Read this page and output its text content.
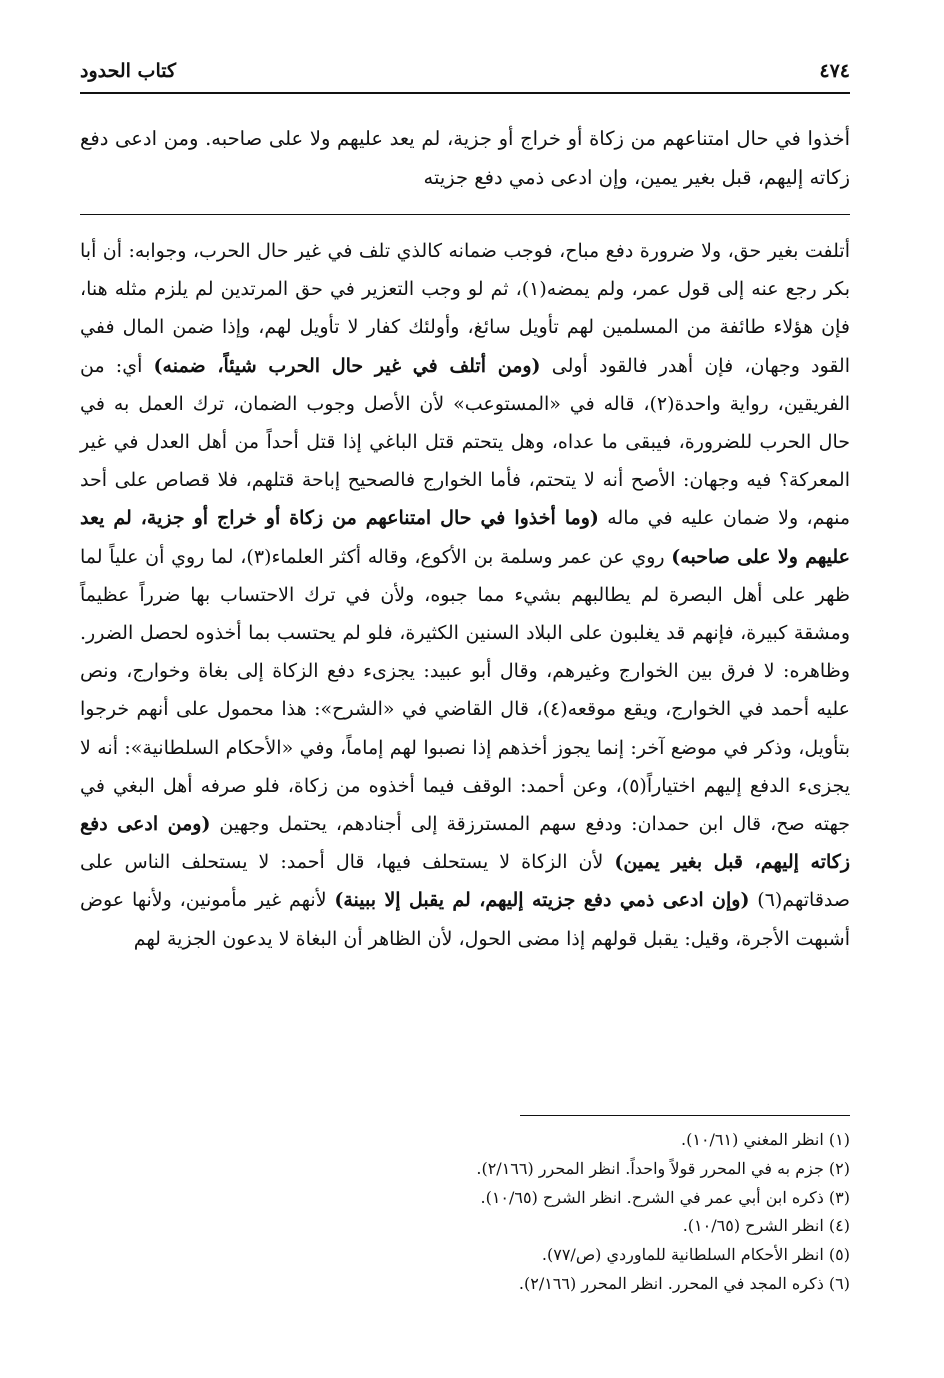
٤٧٤
كتاب الحدود
أخذوا في حال امتناعهم من زكاة أو خراج أو جزية، لم يعد عليهم ولا على صاحبه. ومن ادعى دفع زكاته إليهم، قبل بغير يمين، وإن ادعى ذمي دفع جزيته

أتلفت بغير حق، ولا ضرورة دفع مباح، فوجب ضمانه كالذي تلف في غير حال الحرب، وجوابه: أن أبا بكر رجع عنه إلى قول عمر، ولم يمضه(١)، ثم لو وجب التعزير في حق المرتدين لم يلزم مثله هنا، فإن هؤلاء طائفة من المسلمين لهم تأويل سائغ، وأولئك كفار لا تأويل لهم، وإذا ضمن المال ففي القود وجهان، فإن أهدر فالقود أولى (ومن أتلف في غير حال الحرب شيئاً، ضمنه) أي: من الفريقين، رواية واحدة(٢)، قاله في «المستوعب» لأن الأصل وجوب الضمان، ترك العمل به في حال الحرب للضرورة، فيبقى ما عداه، وهل يتحتم قتل الباغي إذا قتل أحداً من أهل العدل في غير المعركة؟ فيه وجهان: الأصح أنه لا يتحتم، فأما الخوارج فالصحيح إباحة قتلهم، فلا قصاص على أحد منهم، ولا ضمان عليه في ماله (وما أخذوا في حال امتناعهم من زكاة أو خراج أو جزية، لم يعد عليهم ولا على صاحبه) روي عن عمر وسلمة بن الأكوع، وقاله أكثر العلماء(٣)، لما روي أن علياً لما ظهر على أهل البصرة لم يطالبهم بشيء مما جبوه، ولأن في ترك الاحتساب بها ضرراً عظيماً ومشقة كبيرة، فإنهم قد يغلبون على البلاد السنين الكثيرة، فلو لم يحتسب بما أخذوه لحصل الضرر. وظاهره: لا فرق بين الخوارج وغيرهم، وقال أبو عبيد: يجزىء دفع الزكاة إلى بغاة وخوارج، ونص عليه أحمد في الخوارج، ويقع موقعه(٤)، قال القاضي في «الشرح»: هذا محمول على أنهم خرجوا بتأويل، وذكر في موضع آخر: إنما يجوز أخذهم إذا نصبوا لهم إماماً، وفي «الأحكام السلطانية»: أنه لا يجزىء الدفع إليهم اختياراً(٥)، وعن أحمد: الوقف فيما أخذوه من زكاة، فلو صرفه أهل البغي في جهته صح، قال ابن حمدان: ودفع سهم المسترزقة إلى أجنادهم، يحتمل وجهين (ومن ادعى دفع زكاته إليهم، قبل بغير يمين) لأن الزكاة لا يستحلف فيها، قال أحمد: لا يستحلف الناس على صدقاتهم(٦) (وإن ادعى ذمي دفع جزيته إليهم، لم يقبل إلا ببينة) لأنهم غير مأمونين، ولأنها عوض أشبهت الأجرة، وقيل: يقبل قولهم إذا مضى الحول، لأن الظاهر أن البغاة لا يدعون الجزية لهم

(١) انظر المغني (١٠/٦١).
(٢) جزم به في المحرر قولاً واحداً. انظر المحرر (٢/١٦٦).
(٣) ذكره ابن أبي عمر في الشرح. انظر الشرح (١٠/٦٥).
(٤) انظر الشرح (١٠/٦٥).
(٥) انظر الأحكام السلطانية للماوردي (ص/٧٧).
(٦) ذكره المجد في المحرر. انظر المحرر (٢/١٦٦).
